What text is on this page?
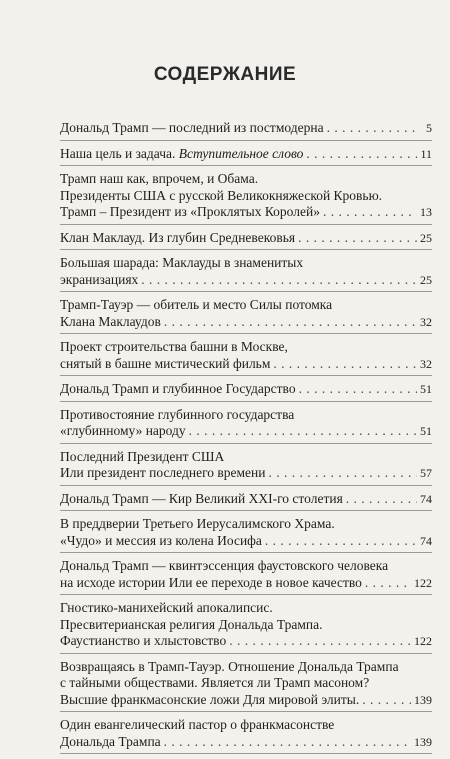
СОДЕРЖАНИЕ
Дональд Трамп — последний из постмодерна . . .	5
Наша цель и задача. Вступительное слово . . .	11
Трамп наш как, впрочем, и Обама.
Президенты США с русской Великокняжеской Кровью.
Трамп – Президент из «Проклятых Королей» . . .	13
Клан Маклауд. Из глубин Средневековья . . .	25
Большая шарада: Маклауды в знаменитых
экранизациях . . .	25
Трамп-Тауэр — обитель и место Силы потомка
Клана Маклаудов . . .	32
Проект строительства башни в Москве,
снятый в башне мистический фильм . . .	32
Дональд Трамп и глубинное Государство . . .	51
Противостояние глубинного государства
«глубинному» народу . . .	51
Последний Президент США
Или президент последнего времени . . .	57
Дональд Трамп — Кир Великий XXI-го столетия . . .	74
В преддверии Третьего Иерусалимского Храма.
«Чудо» и мессия из колена Иосифа . . .	74
Дональд Трамп — квинтэссенция фаустовского человека
на исходе истории Или ее переходе в новое качество . . .	122
Гностико-манихейский апокалипсис.
Пресвитерианская религия Дональда Трампа.
Фаустианство и хлыстовство . . .	122
Возвращаясь в Трамп-Тауэр. Отношение Дональда Трампа
с тайными обществами. Является ли Трамп масоном?
Высшие франкмасонские ложи Для мировой элиты. . . .	139
Один евангелический пастор о франкмасонстве
Дональда Трампа . . .	139
